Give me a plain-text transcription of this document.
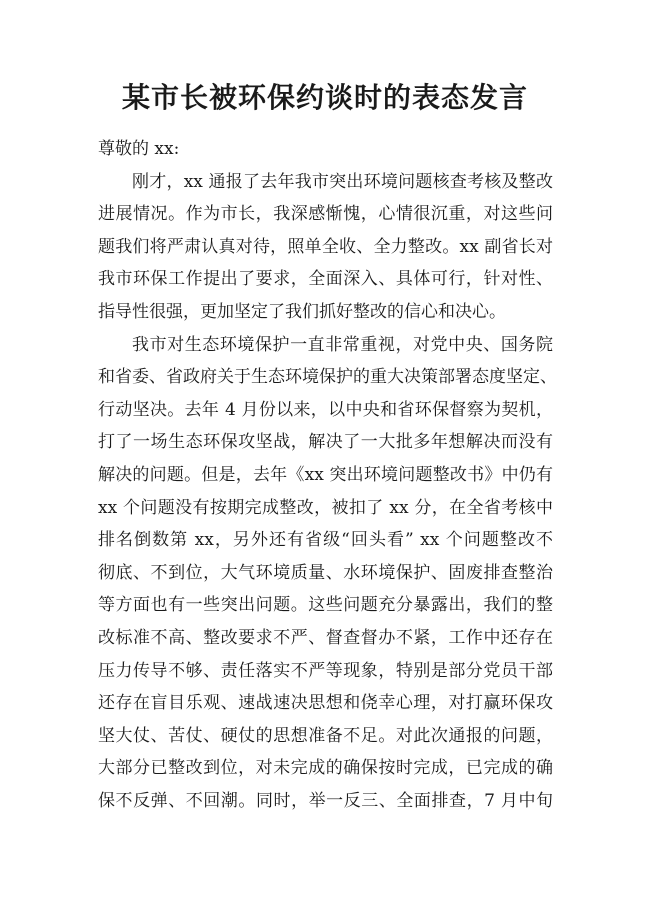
某市长被环保约谈时的表态发言
尊敬的 xx:
刚才，xx 通报了去年我市突出环境问题核查考核及整改
进展情况。作为市长，我深感惭愧，心情很沉重，对这些问
题我们将严肃认真对待，照单全收、全力整改。xx 副省长对
我市环保工作提出了要求，全面深入、具体可行，针对性、
指导性很强，更加坚定了我们抓好整改的信心和决心。
我市对生态环境保护一直非常重视，对党中央、国务院
和省委、省政府关于生态环境保护的重大决策部署态度坚定、
行动坚决。去年 4 月份以来，以中央和省环保督察为契机，
打了一场生态环保攻坚战，解决了一大批多年想解决而没有
解决的问题。但是，去年《xx 突出环境问题整改书》中仍有
xx 个问题没有按期完成整改，被扣了 xx 分，在全省考核中
排名倒数第 xx，另外还有省级“回头看” xx 个问题整改不
彻底、不到位，大气环境质量、水环境保护、固废排查整治
等方面也有一些突出问题。这些问题充分暴露出，我们的整
改标准不高、整改要求不严、督查督办不紧，工作中还存在
压力传导不够、责任落实不严等现象，特别是部分党员干部
还存在盲目乐观、速战速决思想和侥幸心理，对打赢环保攻
坚大仗、苦仗、硬仗的思想准备不足。对此次通报的问题，
大部分已整改到位，对未完成的确保按时完成，已完成的确
保不反弹、不回潮。同时，举一反三、全面排查，7 月中旬
